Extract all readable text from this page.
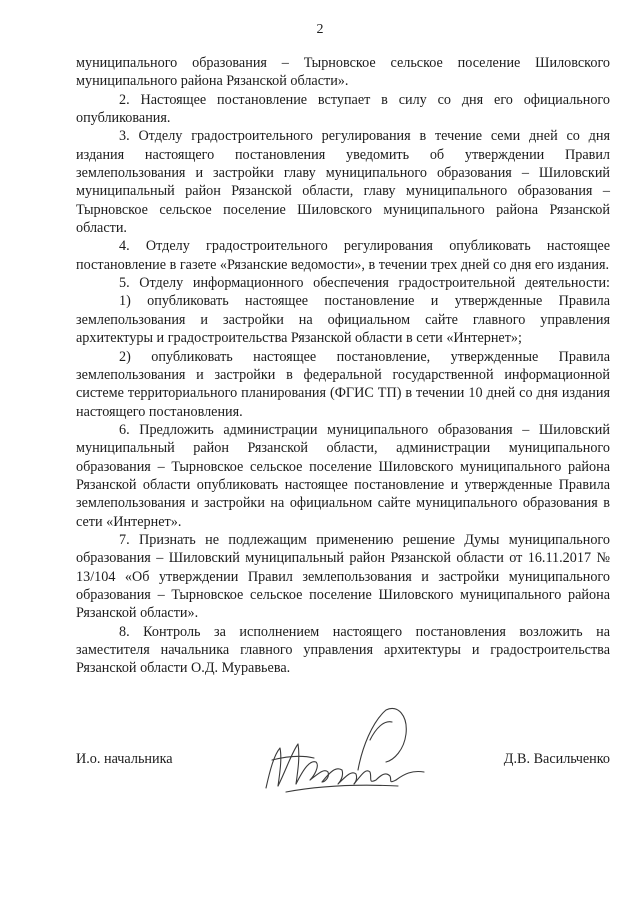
2

муниципального образования – Тырновское сельское поселение Шиловского муниципального района Рязанской области».

2. Настоящее постановление вступает в силу со дня его официального опубликования.

3. Отделу градостроительного регулирования в течение семи дней со дня издания настоящего постановления уведомить об утверждении Правил землепользования и застройки главу муниципального образования – Шиловский муниципальный район Рязанской области, главу муниципального образования – Тырновское сельское поселение Шиловского муниципального района Рязанской области.

4. Отделу градостроительного регулирования опубликовать настоящее постановление в газете «Рязанские ведомости», в течении трех дней со дня его издания.

5. Отделу информационного обеспечения градостроительной деятельности:

1) опубликовать настоящее постановление и утвержденные Правила землепользования и застройки на официальном сайте главного управления архитектуры и градостроительства Рязанской области в сети «Интернет»;

2) опубликовать настоящее постановление, утвержденные Правила землепользования и застройки в федеральной государственной информационной системе территориального планирования (ФГИС ТП) в течении 10 дней со дня издания настоящего постановления.

6. Предложить администрации муниципального образования – Шиловский муниципальный район Рязанской области, администрации муниципального образования – Тырновское сельское поселение Шиловского муниципального района Рязанской области опубликовать настоящее постановление и утвержденные Правила землепользования и застройки на официальном сайте муниципального образования в сети «Интернет».

7. Признать не подлежащим применению решение Думы муниципального образования – Шиловский муниципальный район Рязанской области от 16.11.2017 № 13/104 «Об утверждении Правил землепользования и застройки муниципального образования – Тырновское сельское поселение Шиловского муниципального района Рязанской области».

8. Контроль за исполнением настоящего постановления возложить на заместителя начальника главного управления архитектуры и градостроительства Рязанской области О.Д. Муравьева.

И.о. начальника	Д.В. Васильченко
